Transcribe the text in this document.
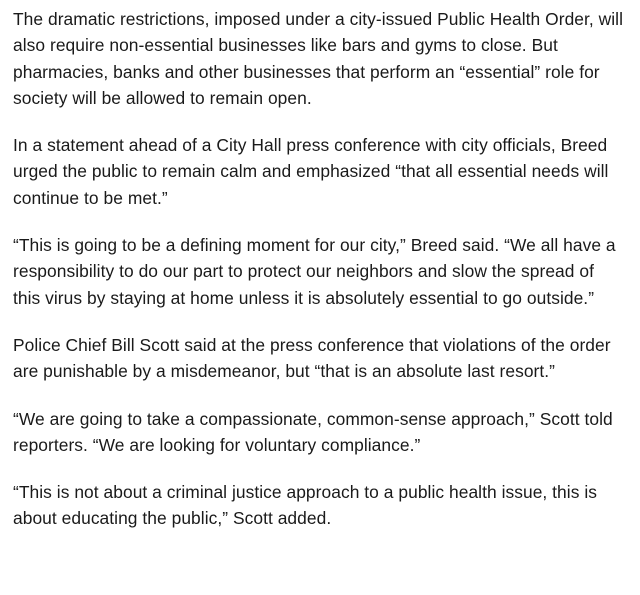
The dramatic restrictions, imposed under a city-issued Public Health Order, will
also require non-essential businesses like bars and gyms to close. But
pharmacies, banks and other businesses that perform an “essential” role for
society will be allowed to remain open.

In a statement ahead of a City Hall press conference with city officials, Breed
urged the public to remain calm and emphasized “that all essential needs will
continue to be met.”

“This is going to be a defining moment for our city,” Breed said. “We all have a
responsibility to do our part to protect our neighbors and slow the spread of
this virus by staying at home unless it is absolutely essential to go outside.”

Police Chief Bill Scott said at the press conference that violations of the order
are punishable by a misdemeanor, but “that is an absolute last resort.”

“We are going to take a compassionate, common-sense approach,” Scott told
reporters. “We are looking for voluntary compliance.”

“This is not about a criminal justice approach to a public health issue, this is
about educating the public,” Scott added.
